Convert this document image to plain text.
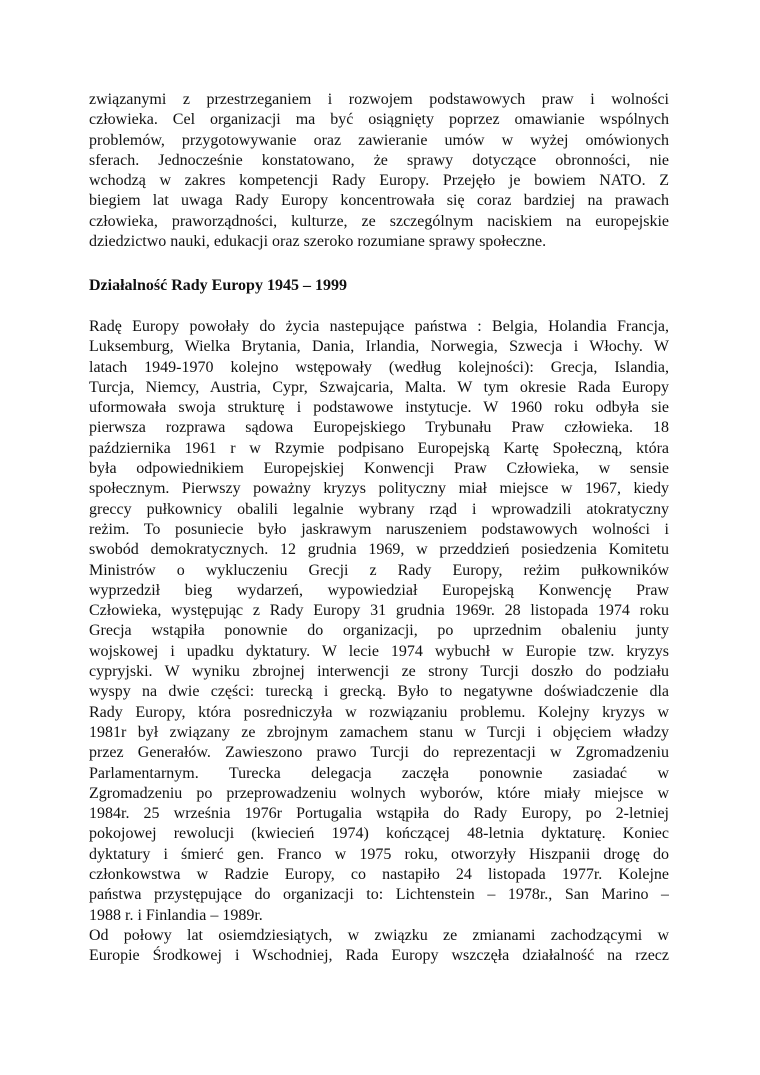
związanymi z przestrzeganiem i rozwojem podstawowych praw i wolności
człowieka. Cel organizacji ma być osiągnięty poprzez omawianie wspólnych
problemów, przygotowywanie oraz zawieranie umów w wyżej omówionych
sferach. Jednocześnie konstatowano, że sprawy dotyczące obronności, nie
wchodzą w zakres kompetencji Rady Europy. Przejęło je bowiem NATO. Z
biegiem lat uwaga Rady Europy koncentrowała się coraz bardziej na prawach
człowieka, praworządności, kulturze, ze szczególnym naciskiem na europejskie
dziedzictwo nauki, edukacji oraz szeroko rozumiane sprawy społeczne.
Działalność Rady Europy 1945 – 1999
Radę Europy powołały do życia nastepujące państwa : Belgia, Holandia Francja,
Luksemburg, Wielka Brytania, Dania, Irlandia, Norwegia, Szwecja i Włochy. W
latach 1949-1970 kolejno wstępowały (według kolejności): Grecja, Islandia,
Turcja, Niemcy, Austria, Cypr, Szwajcaria, Malta. W tym okresie Rada Europy
uformowała swoja strukturę i podstawowe instytucje. W 1960 roku odbyła sie
pierwsza rozprawa sądowa Europejskiego Trybunału Praw człowieka. 18
października 1961 r w Rzymie podpisano Europejską Kartę Społeczną, która
była odpowiednikiem Europejskiej Konwencji Praw Człowieka, w sensie
społecznym. Pierwszy poważny kryzys polityczny miał miejsce w 1967, kiedy
greccy pułkownicy obalili legalnie wybrany rząd i wprowadzili atokratyczny
reżim. To posuniecie było jaskrawym naruszeniem podstawowych wolności i
swobód demokratycznych. 12 grudnia 1969, w przeddzień posiedzenia Komitetu
Ministrów o wykluczeniu Grecji z Rady Europy, reżim pułkowników
wyprzedził bieg wydarzeń, wypowiedział Europejską Konwencję Praw
Człowieka, występując z Rady Europy 31 grudnia 1969r. 28 listopada 1974 roku
Grecja wstąpiła ponownie do organizacji, po uprzednim obaleniu junty
wojskowej i upadku dyktatury. W lecie 1974 wybuchł w Europie tzw. kryzys
cypryjski. W wyniku zbrojnej interwencji ze strony Turcji doszło do podziału
wyspy na dwie części: turecką i grecką. Było to negatywne doświadczenie dla
Rady Europy, która posredniczyła w rozwiązaniu problemu. Kolejny kryzys w
1981r był związany ze zbrojnym zamachem stanu w Turcji i objęciem władzy
przez Generałów. Zawieszono prawo Turcji do reprezentacji w Zgromadzeniu
Parlamentarnym. Turecka delegacja zaczęła ponownie zasiadać w
Zgromadzeniu po przeprowadzeniu wolnych wyborów, które miały miejsce w
1984r. 25 września 1976r Portugalia wstąpiła do Rady Europy, po 2-letniej
pokojowej rewolucji (kwiecień 1974) kończącej 48-letnia dyktaturę. Koniec
dyktatury i śmierć gen. Franco w 1975 roku, otworzyły Hiszpanii drogę do
członkowstwa w Radzie Europy, co nastapiło 24 listopada 1977r. Kolejne
państwa przystępujące do organizacji to: Lichtenstein – 1978r., San Marino –
1988 r. i Finlandia – 1989r.
Od połowy lat osiemdziesiątych, w związku ze zmianami zachodzącymi w
Europie Środkowej i Wschodniej, Rada Europy wszczęła działalność na rzecz
